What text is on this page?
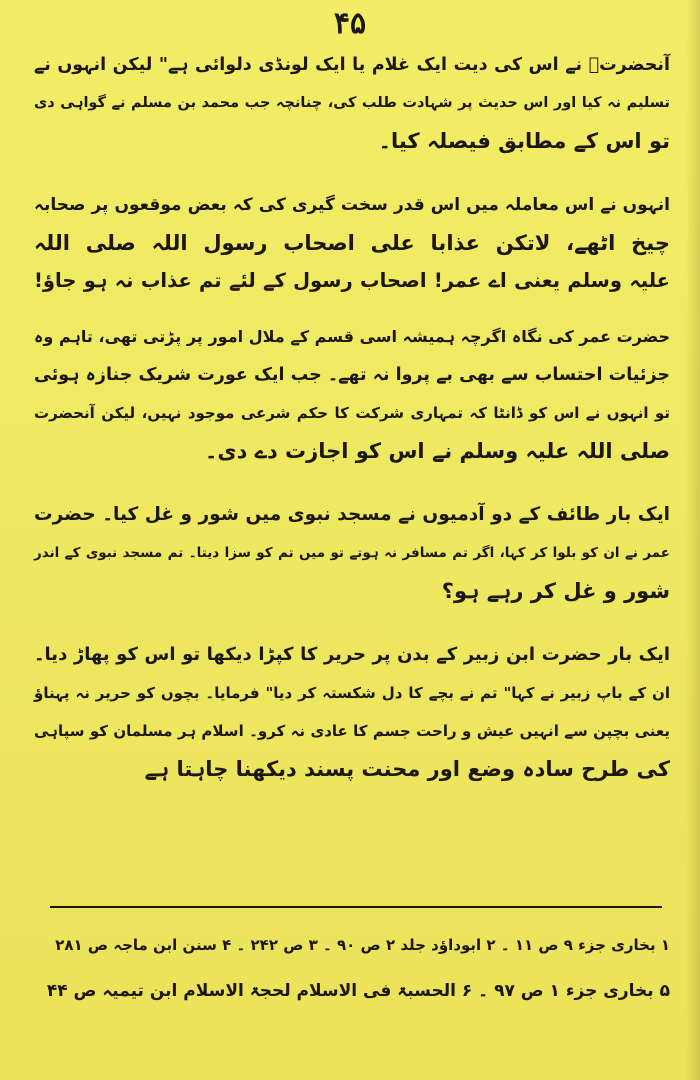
۴۵
آنحضرتؐ نے اس کی دیت ایک غلام یا ایک لونڈی دلوائی ہے" لیکن انہوں نے
تسلیم نہ کیا اور اس حدیث پر شہادت طلب کی، چنانچہ جب محمد بن مسلم نے گواہی دی
تو اس کے مطابق فیصلہ کیا۔
انہوں نے اس معاملہ میں اس قدر سخت گیری کی کہ بعض موقعوں پر صحابہ
چیخ اٹھے، لاتکن عذابا علی اصحاب رسول اللہ صلی اللہ
علیہ وسلم یعنی اے عمر! اصحاب رسول کے لئے تم عذاب نہ ہو جاؤ!
حضرت عمر کی نگاہ اگرچہ ہمیشہ اسی قسم کے ملال امور پر پڑتی تھی، تاہم وہ
جزئیات احتساب سے بھی بے پروا نہ تھے۔ جب ایک عورت شریک جنازہ ہوئی
تو انہوں نے اس کو ڈانٹا کہ تمہاری شرکت کا حکم شرعی موجود نہیں، لیکن آنحضرت
صلی اللہ علیہ وسلم نے اس کو اجازت دے دی۔
ایک بار طائف کے دو آدمیوں نے مسجد نبوی میں شور و غل کیا۔ حضرت
عمر نے ان کو بلوا کر کہا، اگر تم مسافر نہ ہوتے تو میں تم کو سزا دیتا۔ تم مسجد نبوی کے اندر
شور و غل کر رہے ہو؟
ایک بار حضرت ابن زبیر کے بدن پر حریر کا کپڑا دیکھا تو اس کو پھاڑ دیا۔
ان کے باپ زبیر نے کہا" تم نے بچے کا دل شکستہ کر دیا" فرمایا۔ بچوں کو حریر نہ پہناؤ
یعنی بچپن سے انہیں عیش و راحت جسم کا عادی نہ کرو۔ اسلام ہر مسلمان کو سپاہی
کی طرح سادہ وضع اور محنت پسند دیکھنا چاہتا ہے
۱ بخاری جزء ۹ ص ۱۱ ۔ ۲ ابوداؤد جلد ۲ ص ۹۰ ۔ ۳ ص ۲۴۲ ۔ ۴ سنن ابن ماجہ ص ۲۸۱
۵ بخاری جزء ۱ ص ۹۷ ۔ ۶ الحسبۃ فی الاسلام لحجۃ الاسلام ابن تیمیہ ص ۴۴
